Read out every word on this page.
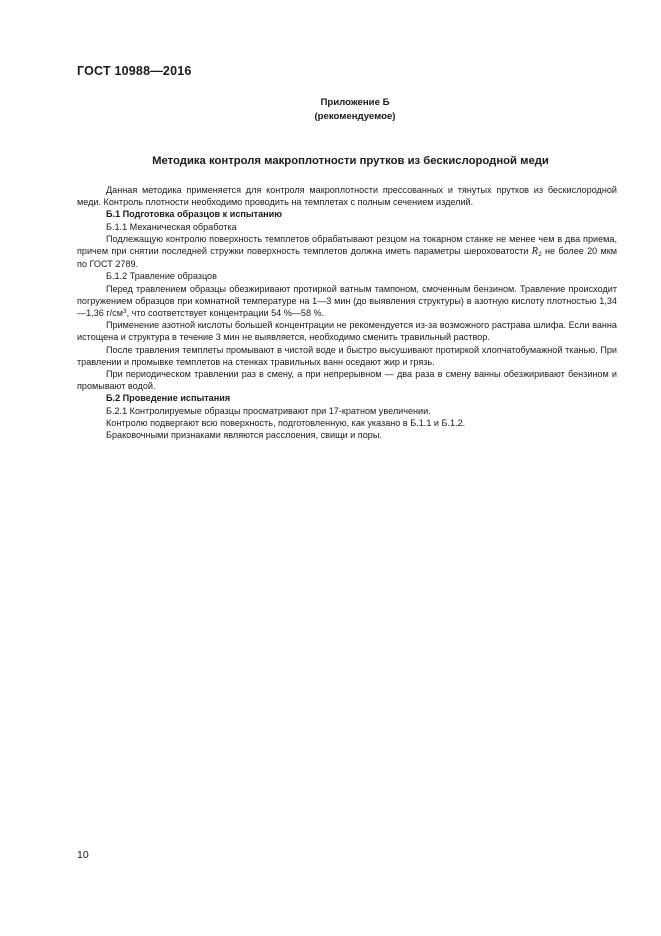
ГОСТ 10988—2016
Приложение Б
(рекомендуемое)
Методика контроля макроплотности прутков из бескислородной меди

Данная методика применяется для контроля макроплотности прессованных и тянутых прутков из бескислородной меди. Контроль плотности необходимо проводить на темплетах с полным сечением изделий.

Б.1 Подготовка образцов к испытанию

Б.1.1 Механическая обработка

Подлежащую контролю поверхность темплетов обрабатывают резцом на токарном станке не менее чем в два приема, причем при снятии последней стружки поверхность темплетов должна иметь параметры шероховатости $R_2$ не более 20 мкм по ГОСТ 2789.

Б.1.2 Травление образцов

Перед травлением образцы обезжиривают протиркой ватным тампоном, смоченным бензином. Травление происходит погружением образцов при комнатной температуре на 1—3 мин (до выявления структуры) в азотную кислоту плотностью 1,34—1,36 $г/см^3$, что соответствует концентрации 54 %—58 %.

Применение азотной кислоты большей концентрации не рекомендуется из-за возможного растрава шлифа. Если ванна истощена и структура в течение 3 мин не выявляется, необходимо сменить травильный раствор.

После травления темплеты промывают в чистой воде и быстро высушивают протиркой хлопчатобумажной тканью. При травлении и промывке темплетов на стенках травильных ванн оседают жир и грязь.

При периодическом травлении раз в смену, а при непрерывном — два раза в смену ванны обезжиривают бензином и промывают водой.

Б.2 Проведение испытания

Б.2.1 Контролируемые образцы просматривают при 17-кратном увеличении.

Контролю подвергают всю поверхность, подготовленную, как указано в Б.1.1 и Б.1.2.

Браковочными признаками являются расслоения, свищи и поры.

10
